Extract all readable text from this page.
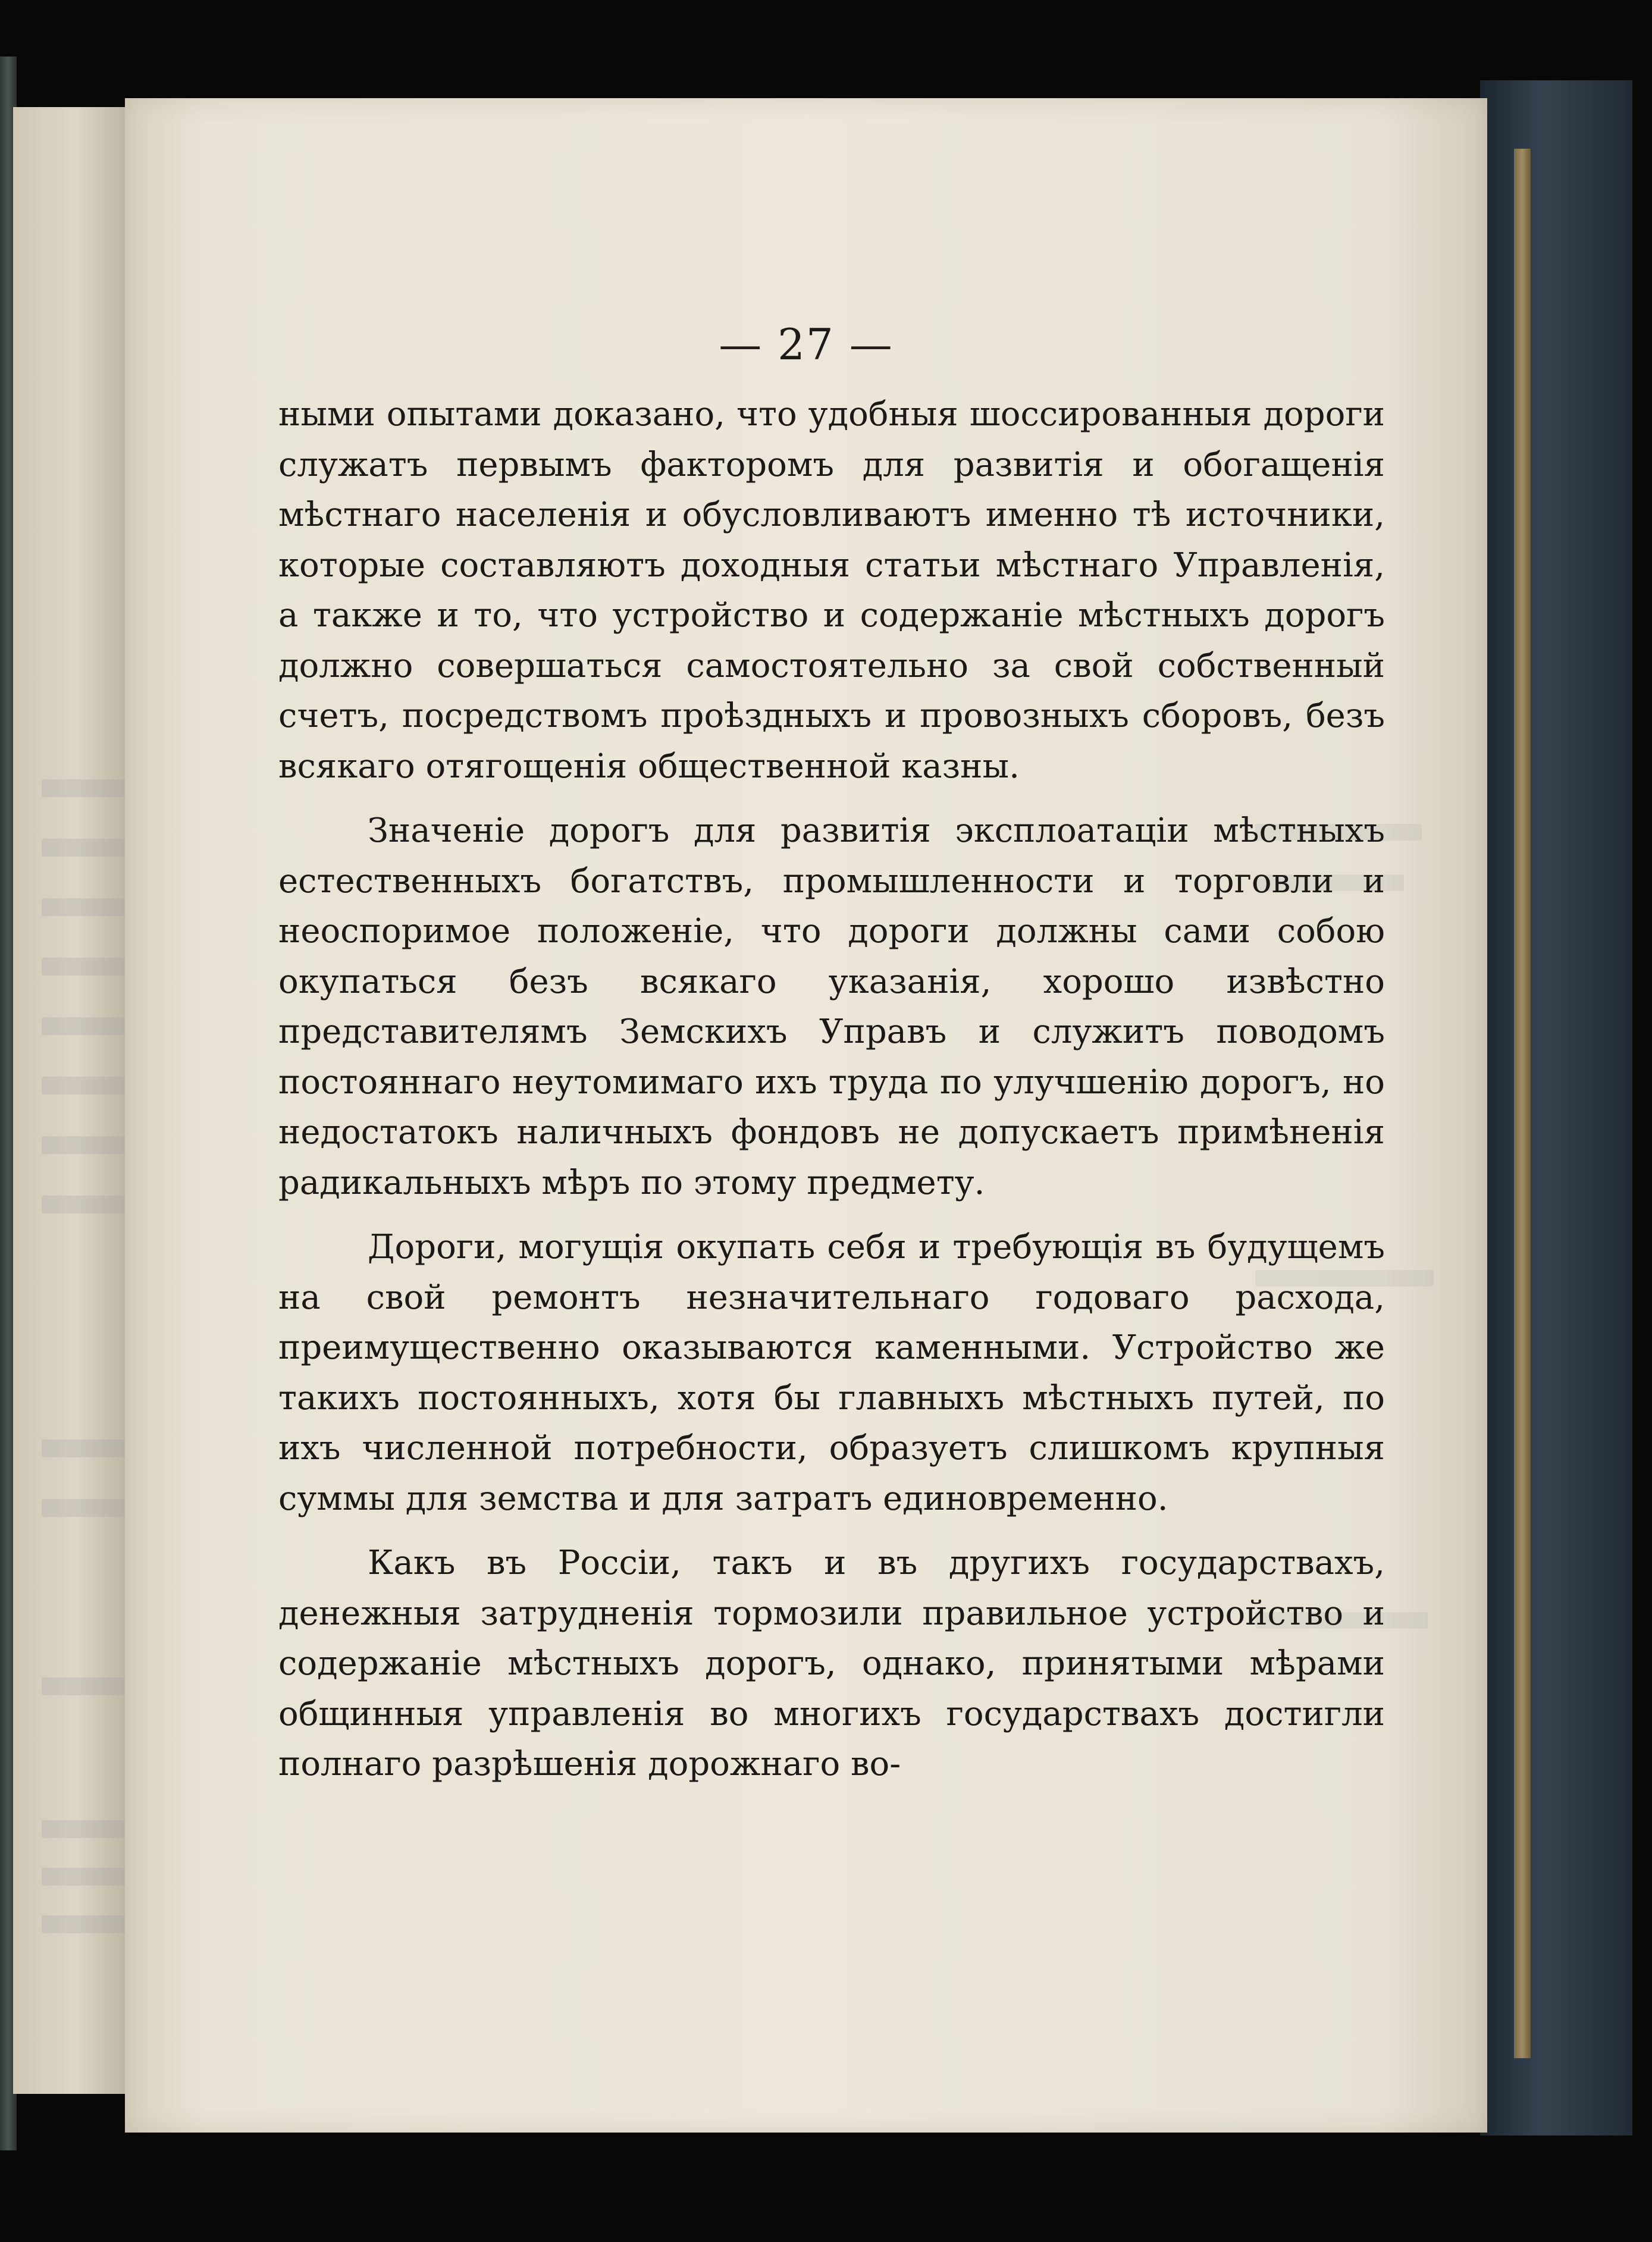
— 27 —

ными опытами доказано, что удобныя шоссированныя дороги служатъ первымъ факторомъ для развитія и обогащенія мѣстнаго населенія и обусловливаютъ именно тѣ источники, которые составляютъ доходныя статьи мѣстнаго Управленія, а также и то, что устройство и содержаніе мѣстныхъ дорогъ должно совершаться самостоятельно за свой собственный счетъ, посредствомъ проѣздныхъ и провозныхъ сборовъ, безъ всякаго отягощенія общественной казны.

Значеніе дорогъ для развитія эксплоатаціи мѣстныхъ естественныхъ богатствъ, промышленности и торговли и неоспоримое положеніе, что дороги должны сами собою окупаться безъ всякаго указанія, хорошо извѣстно представителямъ Земскихъ Управъ и служитъ поводомъ постояннаго неутомимаго ихъ труда по улучшенію дорогъ, но недостатокъ наличныхъ фондовъ не допускаетъ примѣненія радикальныхъ мѣръ по этому предмету.

Дороги, могущія окупать себя и требующія въ будущемъ на свой ремонтъ незначительнаго годоваго расхода, преимущественно оказываются каменными. Устройство же такихъ постоянныхъ, хотя бы главныхъ мѣстныхъ путей, по ихъ численной потребности, образуетъ слишкомъ крупныя суммы для земства и для затратъ единовременно.

Какъ въ Россіи, такъ и въ другихъ государствахъ, денежныя затрудненія тормозили правильное устройство и содержаніе мѣстныхъ дорогъ, однако, принятыми мѣрами общинныя управленія во многихъ государствахъ достигли полнаго разрѣшенія дорожнаго во-
